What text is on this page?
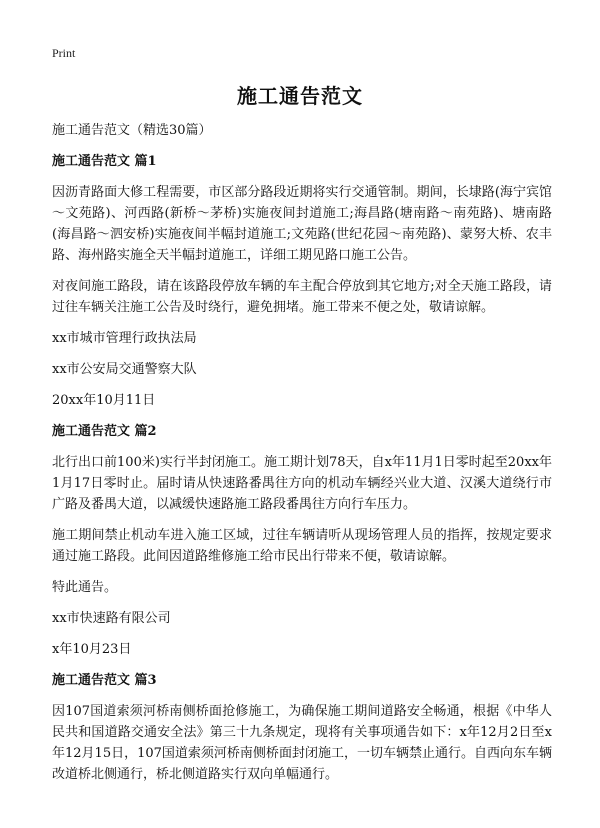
Print
施工通告范文
施工通告范文（精选30篇）
施工通告范文 篇1

因沥青路面大修工程需要，市区部分路段近期将实行交通管制。期间，长埭路(海宁宾馆～文苑路)、河西路(新桥～茅桥)实施夜间封道施工;海昌路(塘南路～南苑路)、塘南路(海昌路～泗安桥)实施夜间半幅封道施工;文苑路(世纪花园～南苑路)、蒙努大桥、农丰路、海州路实施全天半幅封道施工，详细工期见路口施工公告。

对夜间施工路段，请在该路段停放车辆的车主配合停放到其它地方;对全天施工路段，请过往车辆关注施工公告及时绕行，避免拥堵。施工带来不便之处，敬请谅解。

xx市城市管理行政执法局
xx市公安局交通警察大队
20xx年10月11日
施工通告范文 篇2

北行出口前100米)实行半封闭施工。施工期计划78天，自x年11月1日零时起至20xx年1月17日零时止。届时请从快速路番禺往方向的机动车辆经兴业大道、汉溪大道绕行市广路及番禺大道，以减缓快速路施工路段番禺往方向行车压力。

施工期间禁止机动车进入施工区域，过往车辆请听从现场管理人员的指挥，按规定要求通过施工路段。此间因道路维修施工给市民出行带来不便，敬请谅解。

特此通告。
xx市快速路有限公司
x年10月23日
施工通告范文 篇3

因107国道索须河桥南侧桥面抢修施工，为确保施工期间道路安全畅通，根据《中华人民共和国道路交通安全法》第三十九条规定，现将有关事项通告如下：x年12月2日至x年12月15日，107国道索须河桥南侧桥面封闭施工，一切车辆禁止通行。自西向东车辆改道桥北侧通行，桥北侧道路实行双向单幅通行。
